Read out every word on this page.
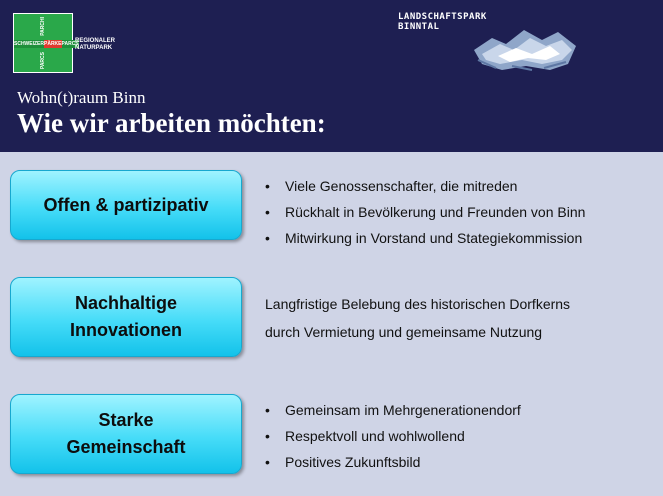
PARCHI
SCHWEIZER PÄRKE PARCS
PARCS
REGIONALER NATURPARK
LANDSCHAFTSPARK
BINNTAL
Wohn(t)raum Binn
Wie wir arbeiten möchten:
Offen & partizipativ
•	Viele Genossenschafter, die mitreden
•	Rückhalt in Bevölkerung und Freunden von Binn
•	Mitwirkung in Vorstand und Stategiekommission
Nachhaltige
Innovationen
Langfristige Belebung des historischen Dorfkerns
durch Vermietung und gemeinsame Nutzung
Starke
Gemeinschaft
•	Gemeinsam im Mehrgenerationendorf
•	Respektvoll und wohlwollend
•	Positives Zukunftsbild
